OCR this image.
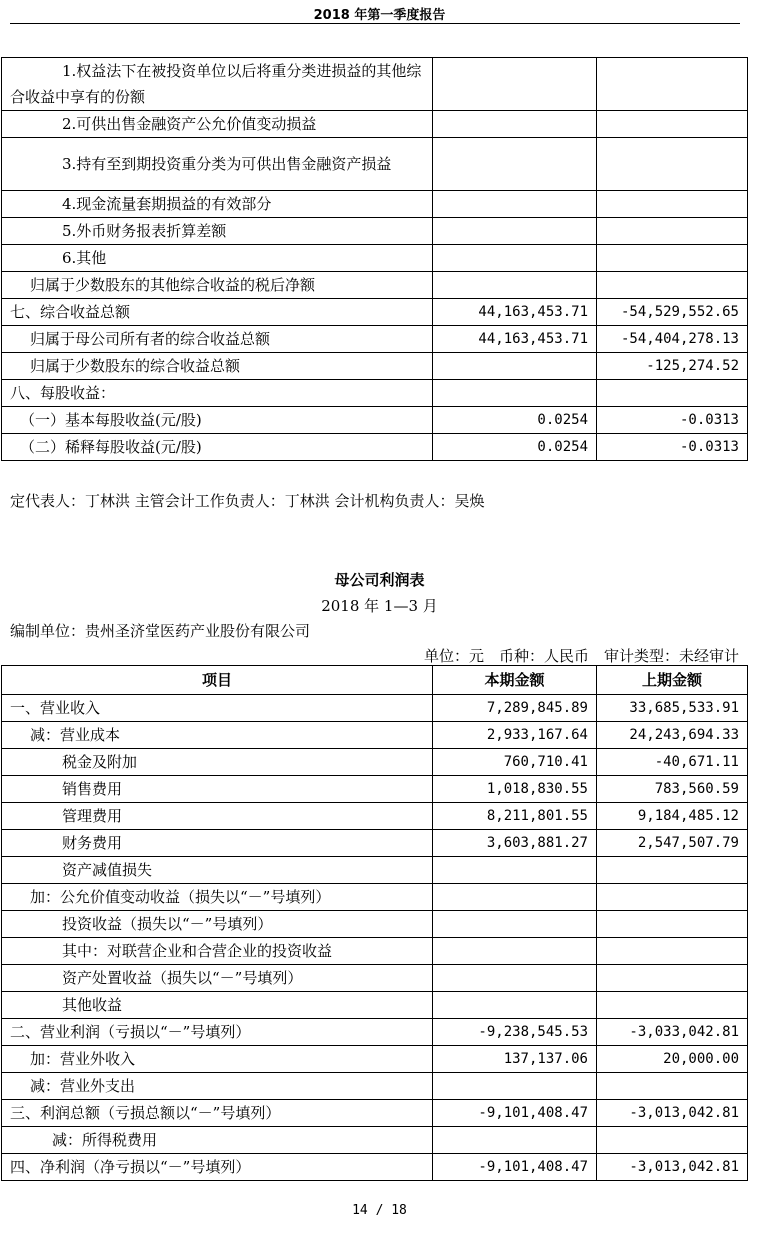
2018 年第一季度报告
1.权益法下在被投资单位以后将重分类进损益的其他综合收益中享有的份额		
2.可供出售金融资产公允价值变动损益		
3.持有至到期投资重分类为可供出售金融资产损益		
4.现金流量套期损益的有效部分		
5.外币财务报表折算差额		
6.其他		
归属于少数股东的其他综合收益的税后净额		
七、综合收益总额	44,163,453.71	-54,529,552.65
归属于母公司所有者的综合收益总额	44,163,453.71	-54,404,278.13
归属于少数股东的综合收益总额		-125,274.52
八、每股收益：		
（一）基本每股收益(元/股)	0.0254	-0.0313
（二）稀释每股收益(元/股)	0.0254	-0.0313
定代表人：丁林洪 主管会计工作负责人：丁林洪 会计机构负责人：吴焕
母公司利润表
2018 年 1—3 月
编制单位：贵州圣济堂医药产业股份有限公司
单位：元　币种：人民币　审计类型：未经审计
项目	本期金额	上期金额
一、营业收入	7,289,845.89	33,685,533.91
减：营业成本	2,933,167.64	24,243,694.33
税金及附加	760,710.41	-40,671.11
销售费用	1,018,830.55	783,560.59
管理费用	8,211,801.55	9,184,485.12
财务费用	3,603,881.27	2,547,507.79
资产减值损失		
加：公允价值变动收益（损失以“－”号填列）		
投资收益（损失以“－”号填列）		
其中：对联营企业和合营企业的投资收益		
资产处置收益（损失以“－”号填列）		
其他收益		
二、营业利润（亏损以“－”号填列）	-9,238,545.53	-3,033,042.81
加：营业外收入	137,137.06	20,000.00
减：营业外支出		
三、利润总额（亏损总额以“－”号填列）	-9,101,408.47	-3,013,042.81
减：所得税费用		
四、净利润（净亏损以“－”号填列）	-9,101,408.47	-3,013,042.81
14 / 18
